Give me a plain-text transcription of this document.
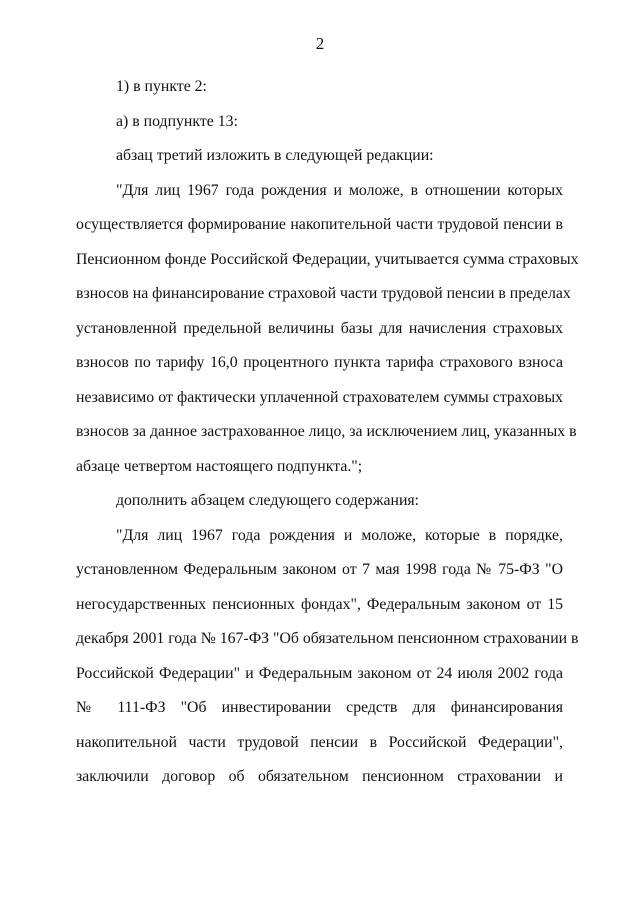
2
1) в пункте 2:
а) в подпункте 13:
абзац третий изложить в следующей редакции:
"Для лиц 1967 года рождения и моложе, в отношении которых
осуществляется формирование накопительной части трудовой пенсии в
Пенсионном фонде Российской Федерации, учитывается сумма страховых
взносов на финансирование страховой части трудовой пенсии в пределах
установленной предельной величины базы для начисления страховых
взносов по тарифу 16,0 процентного пункта тарифа страхового взноса
независимо от фактически уплаченной страхователем суммы страховых
взносов за данное застрахованное лицо, за исключением лиц, указанных в
абзаце четвертом настоящего подпункта.";
дополнить абзацем следующего содержания:
"Для лиц 1967 года рождения и моложе, которые в порядке,
установленном Федеральным законом от 7 мая 1998 года № 75-ФЗ "О
негосударственных пенсионных фондах", Федеральным законом от 15
декабря 2001 года № 167-ФЗ "Об обязательном пенсионном страховании в
Российской Федерации" и Федеральным законом от 24 июля 2002 года
№ 111-ФЗ "Об инвестировании средств для финансирования
накопительной части трудовой пенсии в Российской Федерации",
заключили договор об обязательном пенсионном страховании и
